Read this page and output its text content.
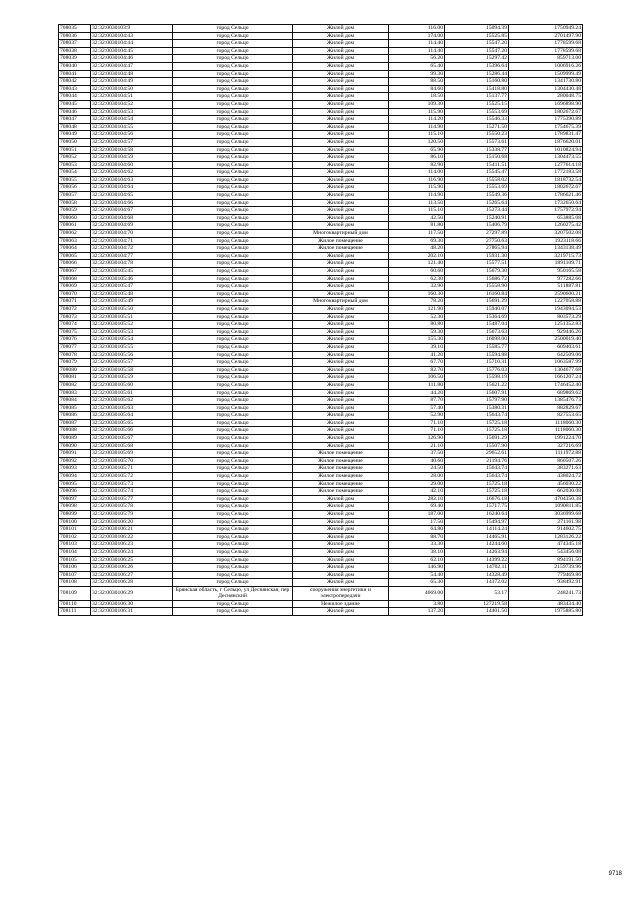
708035	32:32:0030103:9	город Сельцо	Жилой дом	116.00	15094.39	1750949.24
708036	32:32:0030104:43	город Сельцо	Жилой дом	174.00	15525.85	2701497.90
708037	32:32:0030104:44	город Сельцо	Жилой дом	114.40	15547.20	1778599.68
708038	32:32:0030104:45	город Сельцо	Жилой дом	114.40	15547.20	1778599.68
708039	32:32:0030104:46	город Сельцо	Жилой дом	56.20	15297.42	859713.00
708040	32:32:0030104:47	город Сельцо	Жилой дом	65.40	15396.64	1006916.26
708041	32:32:0030104:48	город Сельцо	Жилой дом	99.30	15286.44	1509999.49
708042	32:32:0030104:49	город Сельцо	Жилой дом	88.50	15160.80	1341730.80
708043	32:32:0030104:50	город Сельцо	Жилой дом	84.60	15418.80	1304430.48
708044	32:32:0030104:51	город Сельцо	Жилой дом	18.50	15137.77	280048.75
708045	32:32:0030104:52	город Сельцо	Жилой дом	109.30	15525.15	1696898.90
708046	32:32:0030104:53	город Сельцо	Жилой дом	115.90	15553.69	1802672.67
708047	32:32:0030104:54	город Сельцо	Жилой дом	114.20	15546.33	1775390.89
708048	32:32:0030104:55	город Сельцо	Жилой дом	114.90	15271.50	1754675.39
708049	32:32:0030104:56	город Сельцо	Жилой дом	115.10	15550.23	1789831.47
708050	32:32:0030104:57	город Сельцо	Жилой дом	120.50	15573.61	1876620.01
708051	32:32:0030104:58	город Сельцо	Жилой дом	65.90	15338.77	1010824.94
708052	32:32:0030104:59	город Сельцо	Жилой дом	86.10	15150.68	1304473.55
708053	32:32:0030104:60	город Сельцо	Жилой дом	82.90	15411.51	1277614.18
708054	32:32:0030104:62	город Сельцо	Жилой дом	114.00	15545.47	1772183.58
708055	32:32:0030104:63	город Сельцо	Жилой дом	116.90	15558.02	1818732.54
708056	32:32:0030104:64	город Сельцо	Жилой дом	115.90	15553.69	1802672.67
708057	32:32:0030104:65	город Сельцо	Жилой дом	114.90	15549.36	1786621.46
708058	32:32:0030104:66	город Сельцо	Жилой дом	113.50	15265.64	1732650.64
708059	32:32:0030104:67	город Сельцо	Жилой дом	115.10	15273.44	1757972.94
708060	32:32:0030104:68	город Сельцо	Жилой дом	42.50	15240.91	653885.08
708061	32:32:0030104:69	город Сельцо	Жилой дом	81.80	15406.79	1260275.42
708062	32:32:0030104:70	город Сельцо	Многоквартирный дом	117.50	27297.89	3207502.08
708063	32:32:0030104:71	город Сельцо	Жилое помещение	69.30	27750.63	1923118.66
708064	32:32:0030104:72	город Сельцо	Жилое помещение	48.20	27865.94	1343138.49
708065	32:32:0030104:77	город Сельцо	Жилой дом	202.10	15931.30	3219715.73
708066	32:32:0030104:78	город Сельцо	Жилой дом	121.40	15577.51	1891109.71
708067	32:32:0030105:45	город Сельцо	Жилой дом	60.60	15679.30	950165.58
708068	32:32:0030105:46	город Сельцо	Жилой дом	62.30	15686.72	977282.66
708069	32:32:0030105:47	город Сельцо	Жилой дом	32.90	15558.90	511887.81
708070	32:32:0030105:48	город Сельцо	Жилой дом	160.30	16160.84	2590600.21
708071	32:32:0030105:49	город Сельцо	Многоквартирный дом	78.20	15691.29	1227058.88
708072	32:32:0030105:50	город Сельцо	Жилой дом	121.90	15940.07	1943094.53
708073	32:32:0030105:51	город Сельцо	Жилой дом	52.30	15364.69	803573.29
708074	32:32:0030105:52	город Сельцо	Жилой дом	80.80	15487.04	1251352.83
708075	32:32:0030105:53	город Сельцо	Жилой дом	59.30	15673.63	929446.26
708076	32:32:0030105:54	город Сельцо	Жилой дом	155.30	16098.00	2500019.40
708077	32:32:0030105:55	город Сельцо	Жилой дом	39.10	15585.77	609403.61
708078	32:32:0030105:56	город Сельцо	Жилой дом	41.20	15594.88	642509.06
708079	32:32:0030105:57	город Сельцо	Жилой дом	67.70	15710.31	1063587.99
708080	32:32:0030105:58	город Сельцо	Жилой дом	82.70	15776.03	1304677.68
708081	32:32:0030105:59	город Сельцо	Жилой дом	106.50	15598.19	1661207.24
708082	32:32:0030105:60	город Сельцо	Жилой дом	111.80	15621.22	1746452.40
708083	32:32:0030105:61	город Сельцо	Жилой дом	44.20	15607.91	689869.62
708084	32:32:0030105:62	город Сельцо	Жилой дом	87.70	15797.90	1385476.73
708085	32:32:0030105:63	город Сельцо	Жилой дом	57.40	15380.31	882829.67
708086	32:32:0030105:64	город Сельцо	Жилой дом	52.90	15643.74	827553.65
708087	32:32:0030105:65	город Сельцо	Жилой дом	71.10	15725.18	1118060.30
708088	32:32:0030105:66	город Сельцо	Жилой дом	71.10	15725.18	1118060.30
708089	32:32:0030105:67	город Сельцо	Жилой дом	126.90	15691.29	1991224.70
708090	32:32:0030105:68	город Сельцо	Жилой дом	21.10	15507.90	327216.69
708091	32:32:0030105:69	город Сельцо	Жилое помещение	37.50	29652.61	1111972.88
708092	32:32:0030105:70	город Сельцо	Жилое помещение	40.60	21194.76	860507.26
708093	32:32:0030105:71	город Сельцо	Жилое помещение	24.50	15643.74	383271.63
708094	32:32:0030105:72	город Сельцо	Жилое помещение	28.00	15643.74	438024.72
708095	32:32:0030105:73	город Сельцо	Жилое помещение	29.00	15725.18	456030.22
708096	32:32:0030105:74	город Сельцо	Жилое помещение	42.10	15725.18	662030.08
708097	32:32:0030105:77	город Сельцо	Жилой дом	282.10	16676.18	4704350.38
708098	32:32:0030105:78	город Сельцо	Жилой дом	69.40	15717.75	1090811.85
708099	32:32:0030105:79	город Сельцо	Жилой дом	187.00	16240.64	3036999.68
708100	32:32:0030106:20	город Сельцо	Жилой дом	17.50	15494.97	271161.98
708101	32:32:0030106:21	город Сельцо	Жилой дом	64.80	14114.24	914602.75
708102	32:32:0030106:22	город Сельцо	Жилой дом	88.70	14465.91	1283126.22
708103	32:32:0030106:23	город Сельцо	Жилой дом	33.30	14244.60	474345.18
708104	32:32:0030106:24	город Сельцо	Жилой дом	38.10	14263.94	543456.08
708105	32:32:0030106:25	город Сельцо	Жилой дом	62.10	14399.22	894191.50
708106	32:32:0030106:26	город Сельцо	Жилой дом	146.90	14702.11	2159739.96
708107	32:32:0030106:27	город Сельцо	Жилой дом	54.40	14328.49	779469.86
708108	32:32:0030106:28	город Сельцо	Жилой дом	65.30	14372.02	938492.91
708109	32:32:0030106:29	Брянская область, г Сельцо, ул Деснянская, пер Деснянский	сооружения энергетики и электропередачи	4669.00	53.17	248241.73
708110	32:32:0030106:30	город Сельцо	Нежилое здание	3.80	127219.58	483434.40
708111	32:32:0030106:31	город Сельцо	Жилой дом	137.20	14401.50	1975885.80
9718
